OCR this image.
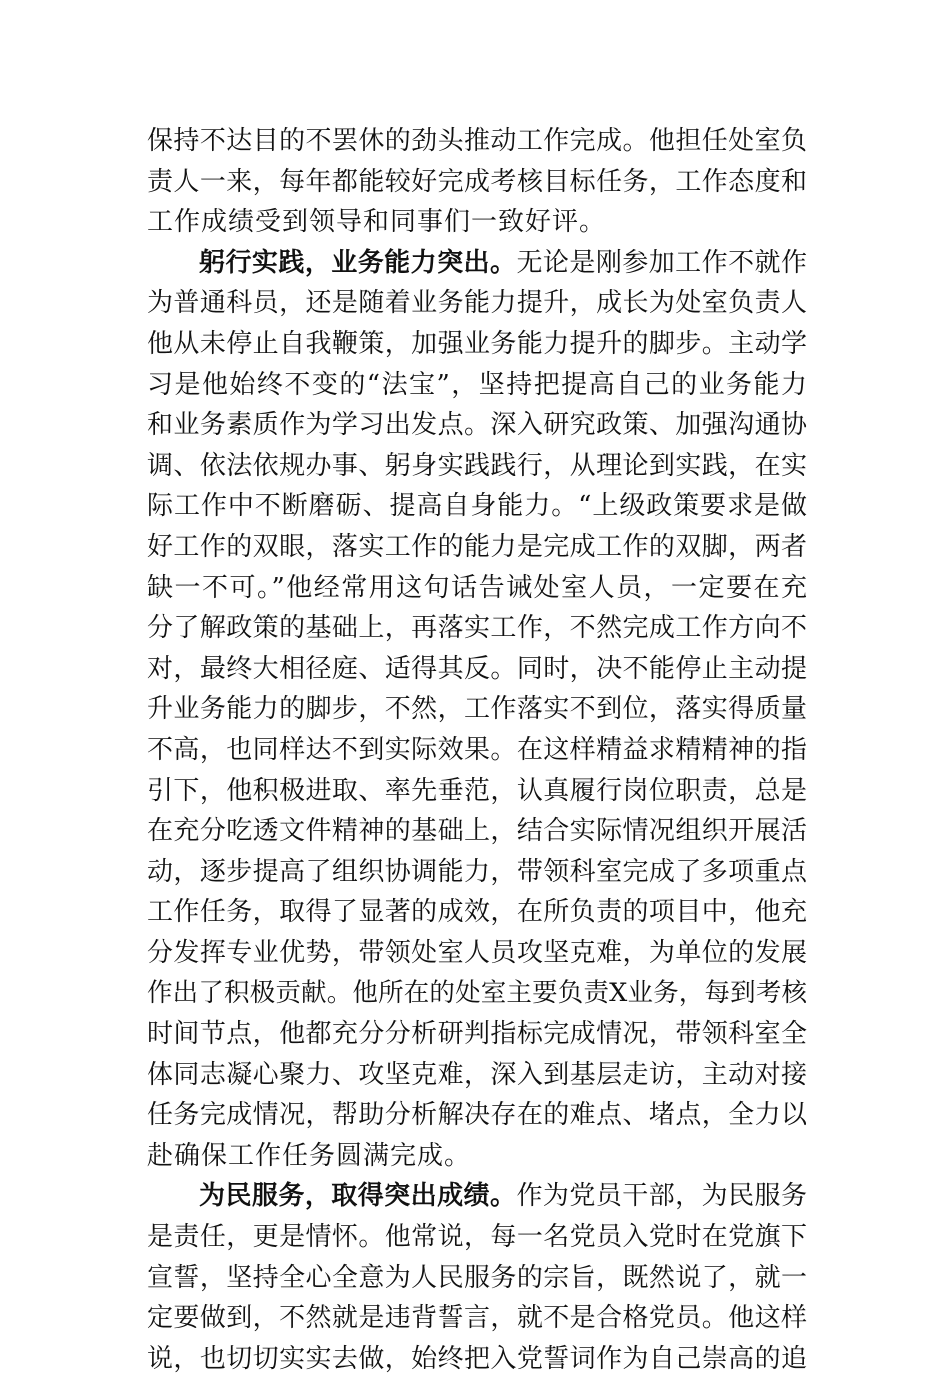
保持不达目的不罢休的劲头推动工作完成。他担任处室负
责人一来，每年都能较好完成考核目标任务，工作态度和
工作成绩受到领导和同事们一致好评。
躬行实践，业务能力突出。无论是刚参加工作不就作
为普通科员，还是随着业务能力提升，成长为处室负责人
他从未停止自我鞭策，加强业务能力提升的脚步。主动学
习是他始终不变的“法宝”，坚持把提高自己的业务能力
和业务素质作为学习出发点。深入研究政策、加强沟通协
调、依法依规办事、躬身实践践行，从理论到实践，在实
际工作中不断磨砺、提高自身能力。“上级政策要求是做
好工作的双眼，落实工作的能力是完成工作的双脚，两者
缺一不可。”他经常用这句话告诫处室人员，一定要在充
分了解政策的基础上，再落实工作，不然完成工作方向不
对，最终大相径庭、适得其反。同时，决不能停止主动提
升业务能力的脚步，不然，工作落实不到位，落实得质量
不高，也同样达不到实际效果。在这样精益求精精神的指
引下，他积极进取、率先垂范，认真履行岗位职责，总是
在充分吃透文件精神的基础上，结合实际情况组织开展活
动，逐步提高了组织协调能力，带领科室完成了多项重点
工作任务，取得了显著的成效，在所负责的项目中，他充
分发挥专业优势，带领处室人员攻坚克难，为单位的发展
作出了积极贡献。他所在的处室主要负责X业务，每到考核
时间节点，他都充分分析研判指标完成情况，带领科室全
体同志凝心聚力、攻坚克难，深入到基层走访，主动对接
任务完成情况，帮助分析解决存在的难点、堵点，全力以
赴确保工作任务圆满完成。
为民服务，取得突出成绩。作为党员干部，为民服务
是责任，更是情怀。他常说，每一名党员入党时在党旗下
宣誓，坚持全心全意为人民服务的宗旨，既然说了，就一
定要做到，不然就是违背誓言，就不是合格党员。他这样
说，也切切实实去做，始终把入党誓词作为自己崇高的追
